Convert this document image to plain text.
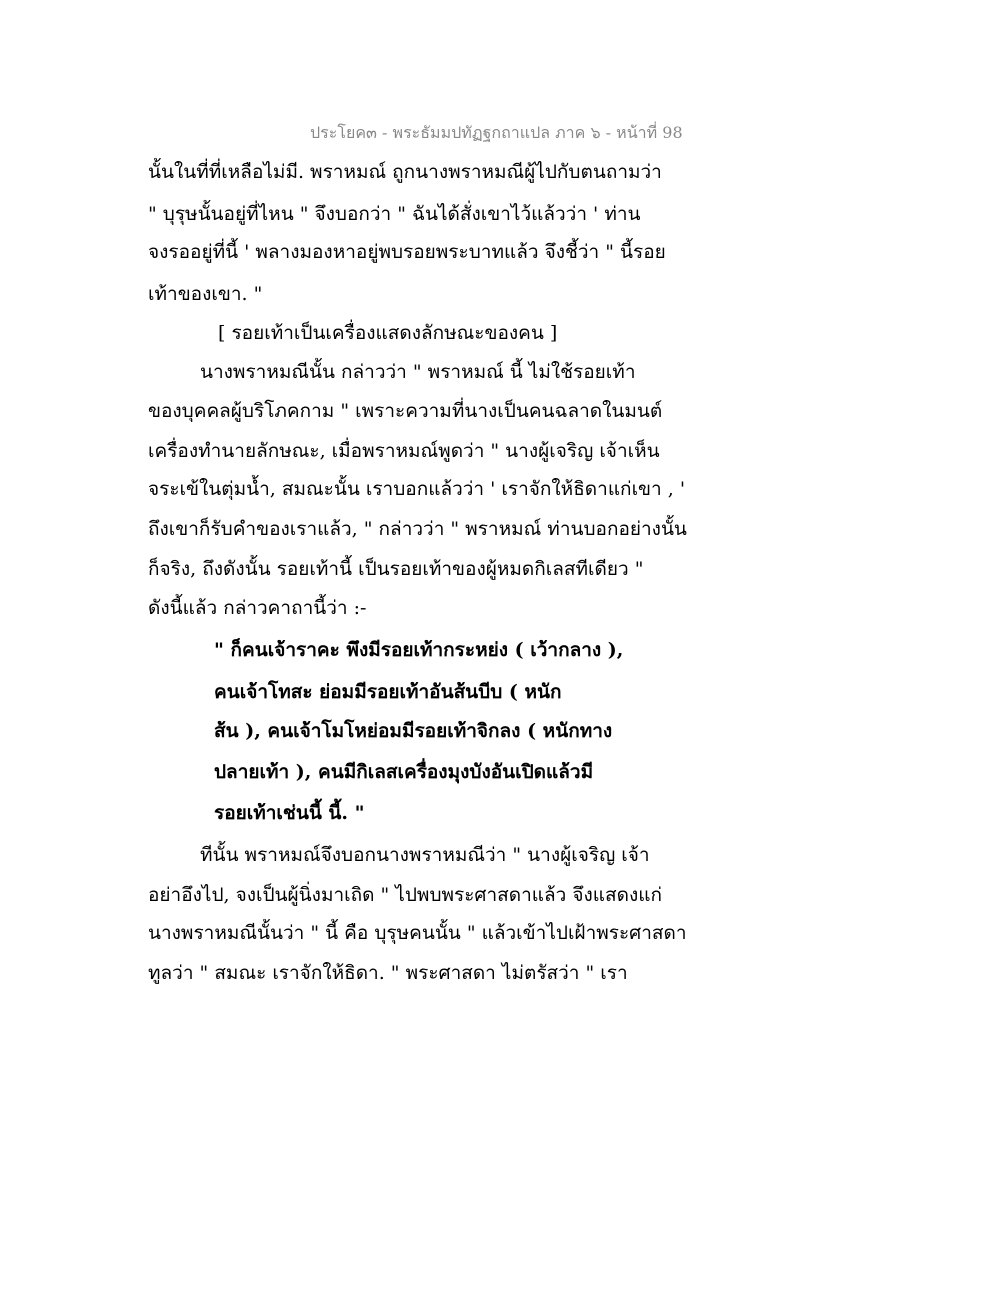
ประโยค๓ - พระธัมมปทัฏฐกถาแปล ภาค ๖ - หน้าที่ 98
นั้นในที่ที่เหลือไม่มี. พราหมณ์ ถูกนางพราหมณีผู้ไปกับตนถามว่า
" บุรุษนั้นอยู่ที่ไหน " จึงบอกว่า " ฉันได้สั่งเขาไว้แล้วว่า ' ท่าน
จงรออยู่ที่นี้ ' พลางมองหาอยู่พบรอยพระบาทแล้ว จึงชี้ว่า " นี้รอย
เท้าของเขา. "
[ รอยเท้าเป็นเครื่องแสดงลักษณะของคน ]
นางพราหมณีนั้น กล่าวว่า " พราหมณ์ นี้ ไม่ใช้รอยเท้า
ของบุคคลผู้บริโภคกาม " เพราะความที่นางเป็นคนฉลาดในมนต์
เครื่องทำนายลักษณะ, เมื่อพราหมณ์พูดว่า " นางผู้เจริญ เจ้าเห็น
จระเข้ในตุ่มน้ำ, สมณะนั้น เราบอกแล้วว่า ' เราจักให้ธิดาแก่เขา , '
ถึงเขาก็รับคำของเราแล้ว, " กล่าวว่า " พราหมณ์ ท่านบอกอย่างนั้น
ก็จริง, ถึงดังนั้น รอยเท้านี้ เป็นรอยเท้าของผู้หมดกิเลสทีเดียว "
ดังนี้แล้ว กล่าวคาถานี้ว่า :-
" ก็คนเจ้าราคะ พึงมีรอยเท้ากระหย่ง ( เว้ากลาง ),
คนเจ้าโทสะ ย่อมมีรอยเท้าอันส้นบีบ ( หนัก
ส้น ), คนเจ้าโมโหย่อมมีรอยเท้าจิกลง ( หนักทาง
ปลายเท้า ), คนมีกิเลสเครื่องมุงบังอันเปิดแล้วมี
รอยเท้าเช่นนี้ นี้. "
ทีนั้น พราหมณ์จึงบอกนางพราหมณีว่า " นางผู้เจริญ เจ้า
อย่าอึงไป, จงเป็นผู้นิ่งมาเถิด " ไปพบพระศาสดาแล้ว จึงแสดงแก่
นางพราหมณีนั้นว่า " นี้ คือ บุรุษคนนั้น " แล้วเข้าไปเฝ้าพระศาสดา
ทูลว่า " สมณะ เราจักให้ธิดา. " พระศาสดา ไม่ตรัสว่า " เรา
